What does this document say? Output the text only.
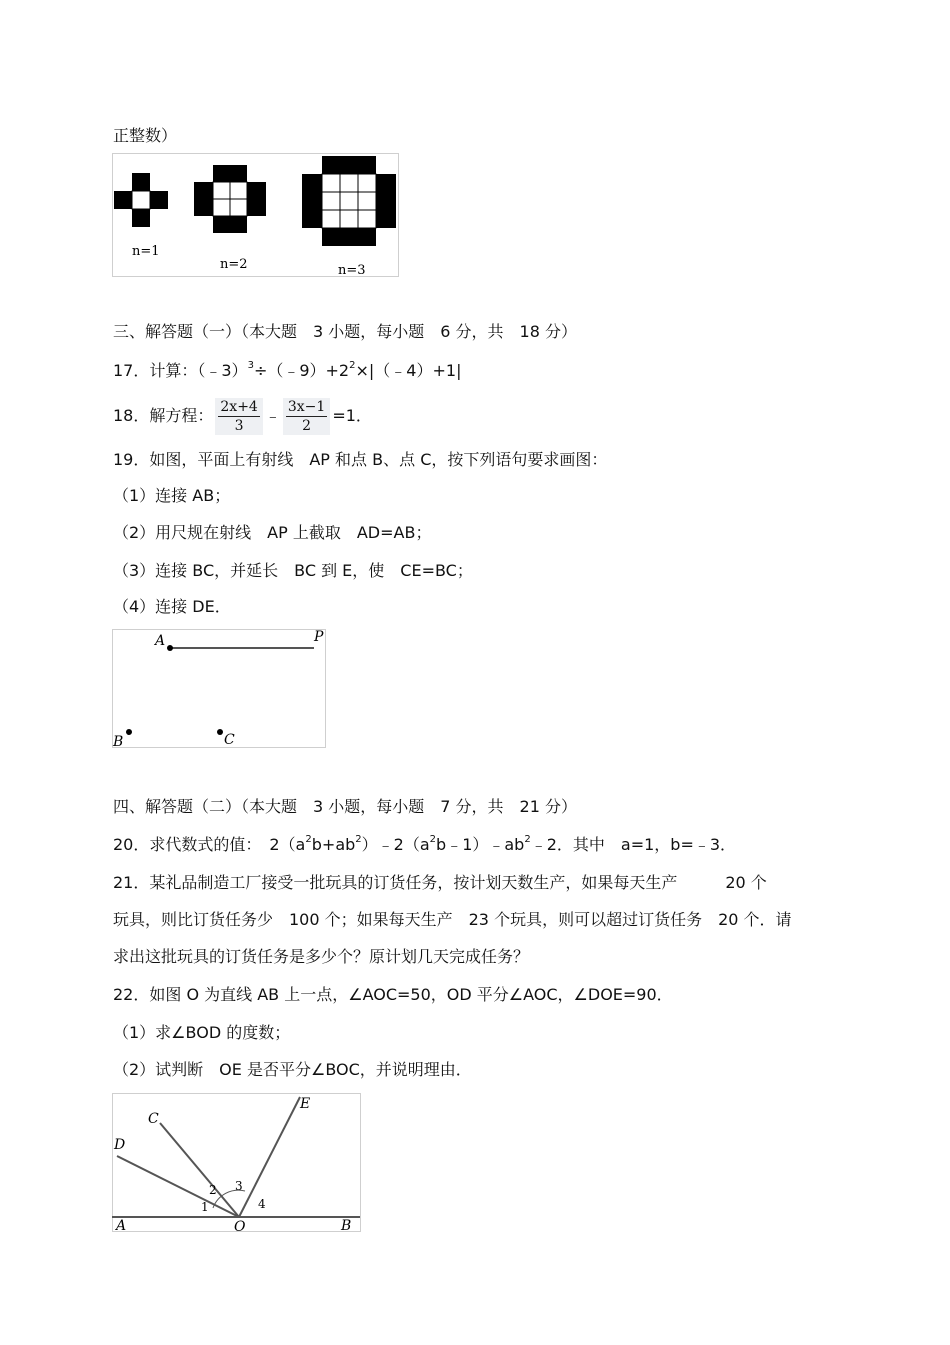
正整数）
n=1
n=2	n=3
三、解答题（一）（本大题　3 小题，每小题　6 分，共　18 分）
17．计算：$(﹣3)^3\div(﹣9)+2^2\times|(﹣4)+1|$
18．解方程： $\frac{2x+4}{3}$ ﹣ $\frac{3x-1}{2} =1$．
19．如图，平面上有射线　AP 和点 B、点 C，按下列语句要求画图：
（1）连接 AB；
（2）用尺规在射线　AP 上截取　AD=AB；
（3）连接 BC，并延长　BC 到 E，使　CE=BC；
（4）连接 DE．
A	P
B	C
四、解答题（二）（本大题　3 小题，每小题　7 分，共　21 分）
20．求代数式的值：　$2(a^2b+ab^2)﹣2(a^2b﹣1)﹣ab^2﹣2$．其中　a=1，b=﹣3．
21．某礼品制造工厂接受一批玩具的订货任务，按计划天数生产，如果每天生产　　　20 个
玩具，则比订货任务少　100 个；如果每天生产　23 个玩具，则可以超过订货任务　20 个．请
求出这批玩具的订货任务是多少个？原计划几天完成任务？
22．如图 O 为直线 AB 上一点，∠AOC=50，OD 平分∠AOC，∠DOE=90．
（1）求∠BOD 的度数；
（2）试判断　OE 是否平分∠BOC，并说明理由．
A	O	B
C
D
E
1
2 3
4
